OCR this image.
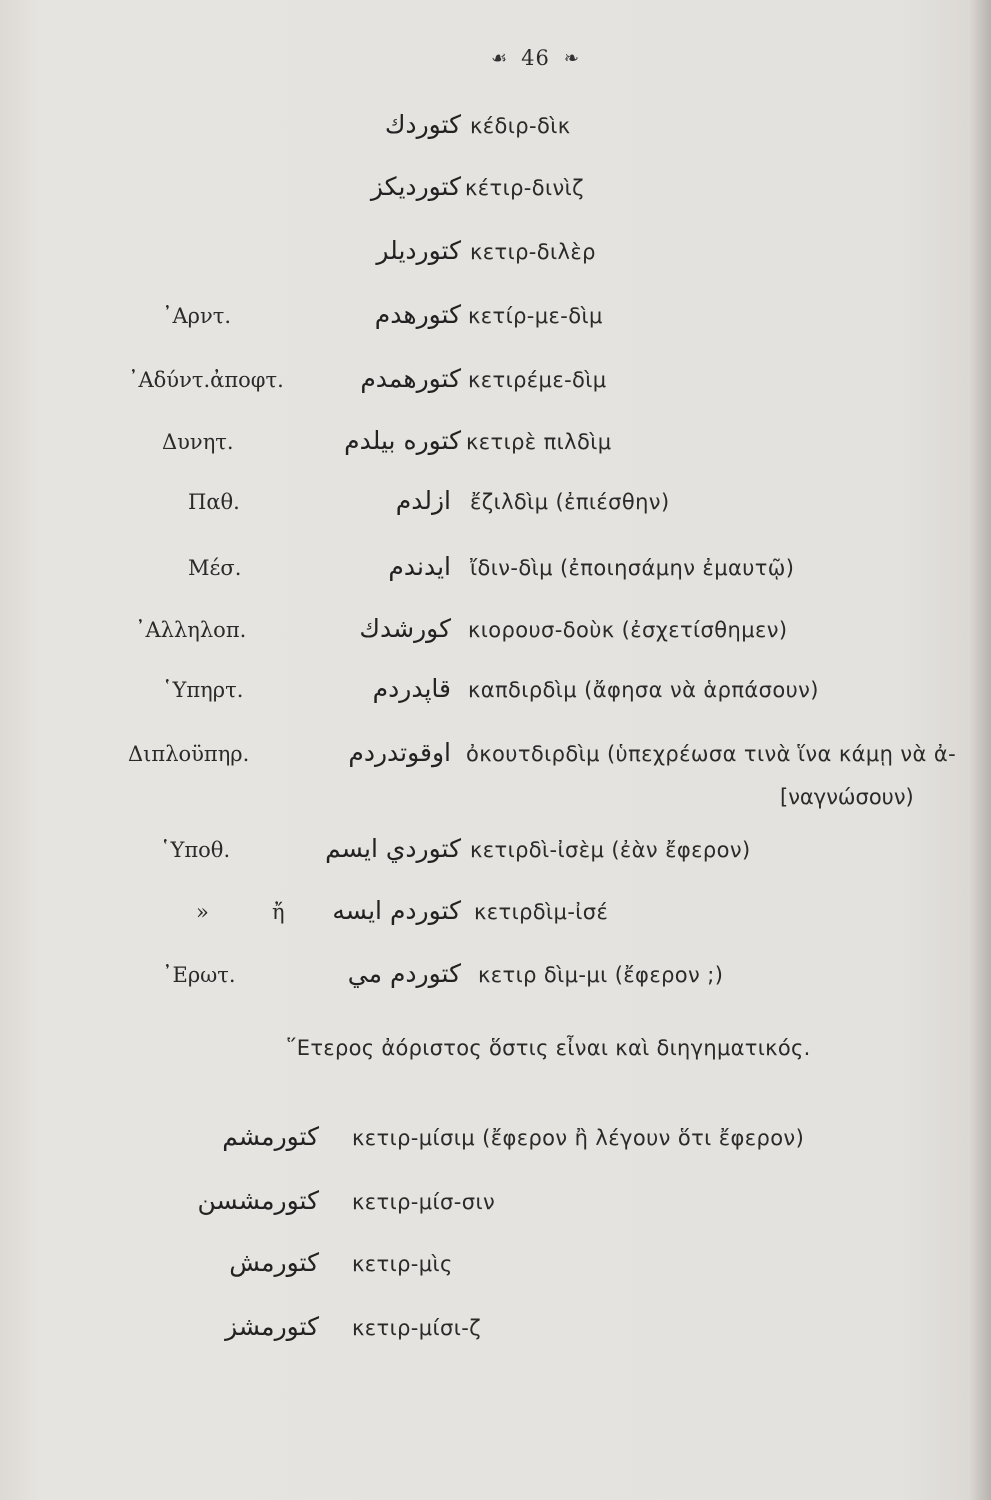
☙ 46 ❧
كتوردك κέδιρ-δὶκ
كتورديكز κέτιρ-δινὶζ
كتورديلر κετιρ-διλὲρ
᾿Αρντ.	كتورهدم κετίρ-με-δὶμ
᾿Αδύντ.ἀποφτ.	كتورهمدم κετιρέμε-δὶμ
Δυνητ.	كتوره بيلدم κετιρὲ πιλδὶμ
Παθ.	ازلدم ἔζιλδὶμ (ἐπιέσθην)
Μέσ.	ايدندم ἴδιν-δὶμ (ἐποιησάμην ἐμαυτῷ)
᾿Αλληλοπ.	كورشدك κιορουσ-δοὺκ (ἐσχετίσθημεν)
῾Υπηρτ.	قاپدردم καπδιρδὶμ (ἄφησα νὰ ἁρπάσουν)
Διπλοϋπηρ.	اوقوتدردم ὀκουτδιρδὶμ (ὑπεχρέωσα τινὰ ἵνα κάμῃ νὰ ἀ-
[ναγνώσουν)
῾Υποθ.	كتوردي ايسم κετιρδὶ-ἰσὲμ (ἐὰν ἔφερον)
»	ἤ كتوردم ايسه κετιρδὶμ-ἰσέ
᾿Ερωτ.	كتوردم مي κετιρ δὶμ-μι (ἔφερον ;)
῞Ετερος ἀόριστος ὅστις εἶναι καὶ διηγηματικός.
كتورمشم κετιρ-μίσιμ (ἔφερον ἢ λέγουν ὅτι ἔφερον)
كتورمشسن κετιρ-μίσ-σιν
كتورمش κετιρ-μὶς
كتورمشز κετιρ-μίσι-ζ
